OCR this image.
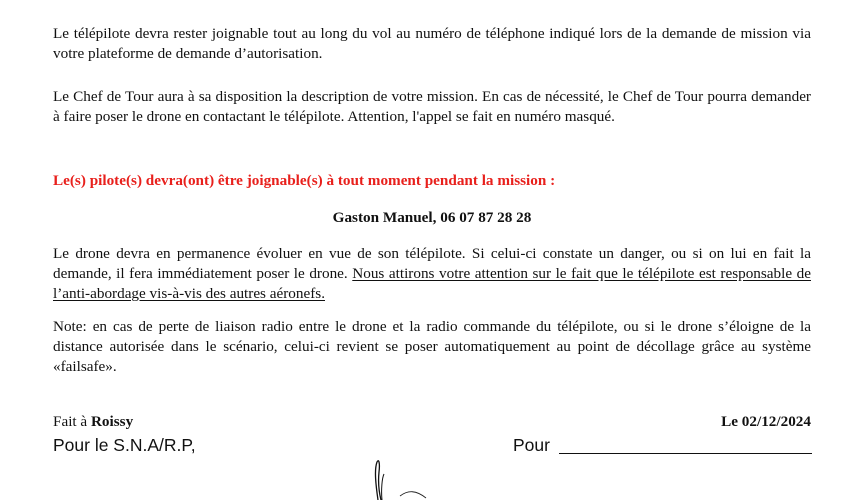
Le télépilote devra rester joignable tout au long du vol au numéro de téléphone indiqué lors de la demande de mission via votre plateforme de demande d’autorisation.

Le Chef de Tour aura à sa disposition la description de votre mission. En cas de nécessité, le Chef de Tour pourra demander à faire poser le drone en contactant le télépilote. Attention, l'appel se fait en numéro masqué.

Le(s) pilote(s) devra(ont) être joignable(s) à tout moment pendant la mission :

Gaston Manuel, 06 07 87 28 28

Le drone devra en permanence évoluer en vue de son télépilote. Si celui-ci constate un danger, ou si on lui en fait la demande, il fera immédiatement poser le drone. Nous attirons votre attention sur le fait que le télépilote est responsable de l’anti-abordage vis-à-vis des autres aéronefs.

Note: en cas de perte de liaison radio entre le drone et la radio commande du télépilote, ou si le drone s’éloigne de la distance autorisée dans le scénario, celui-ci revient se poser automatiquement au point de décollage grâce au système «failsafe».

Fait à Roissy	Le 02/12/2024
Pour le S.N.A/R.P,	Pour
